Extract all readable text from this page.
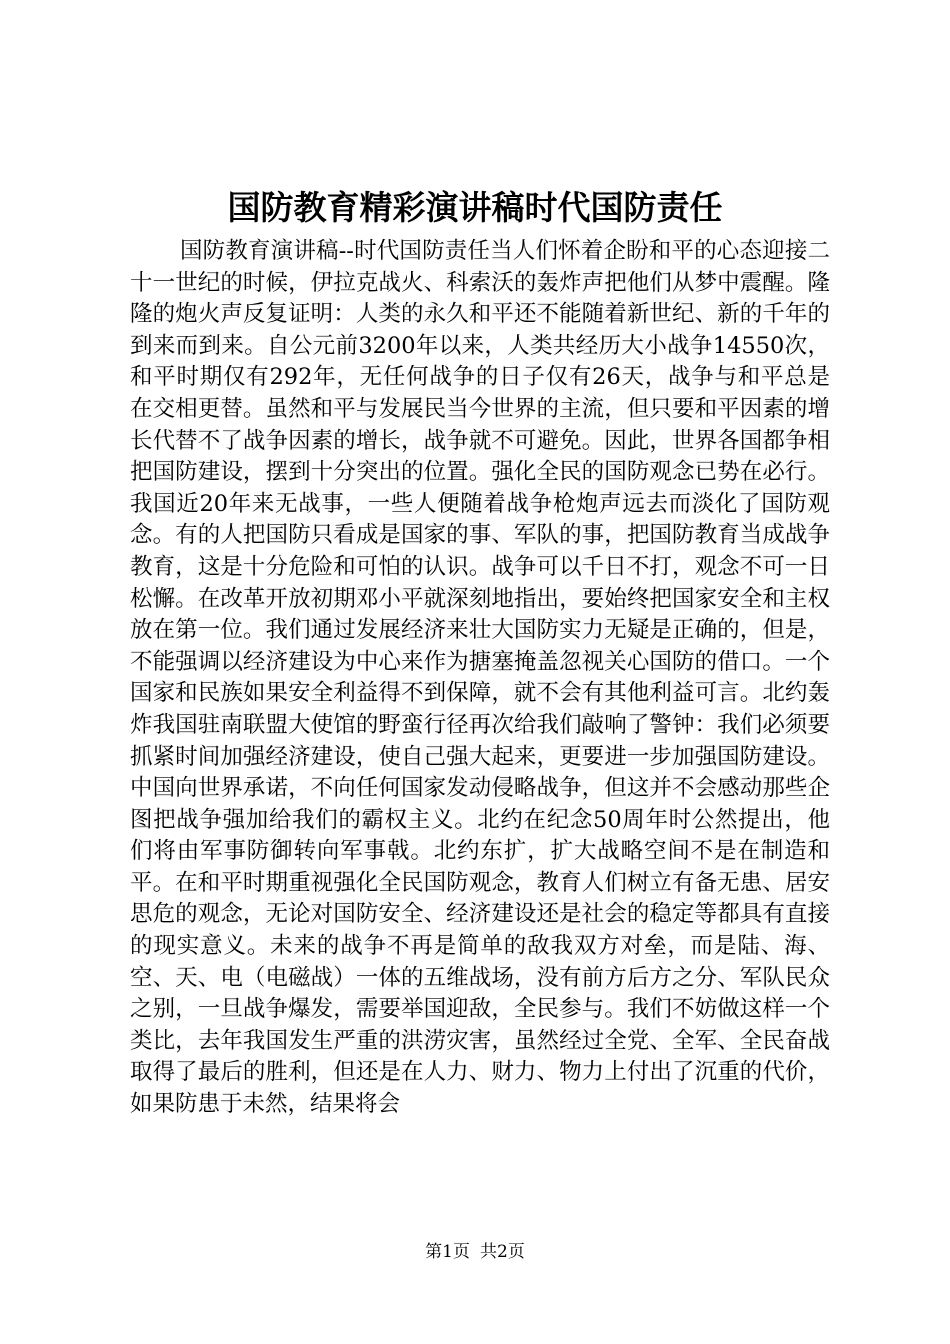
国防教育精彩演讲稿时代国防责任

国防教育演讲稿--时代国防责任当人们怀着企盼和平的心态迎接二十一世纪的时候，伊拉克战火、科索沃的轰炸声把他们从梦中震醒。隆隆的炮火声反复证明：人类的永久和平还不能随着新世纪、新的千年的到来而到来。自公元前3200年以来，人类共经历大小战争14550次，和平时期仅有292年，无任何战争的日子仅有26天，战争与和平总是在交相更替。虽然和平与发展民当今世界的主流，但只要和平因素的增长代替不了战争因素的增长，战争就不可避免。因此，世界各国都争相把国防建设，摆到十分突出的位置。强化全民的国防观念已势在必行。我国近20年来无战事，一些人便随着战争枪炮声远去而淡化了国防观念。有的人把国防只看成是国家的事、军队的事，把国防教育当成战争教育，这是十分危险和可怕的认识。战争可以千日不打，观念不可一日松懈。在改革开放初期邓小平就深刻地指出，要始终把国家安全和主权放在第一位。我们通过发展经济来壮大国防实力无疑是正确的，但是，不能强调以经济建设为中心来作为搪塞掩盖忽视关心国防的借口。一个国家和民族如果安全利益得不到保障，就不会有其他利益可言。北约轰炸我国驻南联盟大使馆的野蛮行径再次给我们敲响了警钟：我们必须要抓紧时间加强经济建设，使自己强大起来，更要进一步加强国防建设。中国向世界承诺，不向任何国家发动侵略战争，但这并不会感动那些企图把战争强加给我们的霸权主义。北约在纪念50周年时公然提出，他们将由军事防御转向军事戟。北约东扩，扩大战略空间不是在制造和平。在和平时期重视强化全民国防观念，教育人们树立有备无患、居安思危的观念，无论对国防安全、经济建设还是社会的稳定等都具有直接的现实意义。未来的战争不再是简单的敌我双方对垒，而是陆、海、空、天、电（电磁战）一体的五维战场，没有前方后方之分、军队民众之别，一旦战争爆发，需要举国迎敌，全民参与。我们不妨做这样一个类比，去年我国发生严重的洪涝灾害，虽然经过全党、全军、全民奋战取得了最后的胜利，但还是在人力、财力、物力上付出了沉重的代价，如果防患于未然，结果将会

第1页 共2页
